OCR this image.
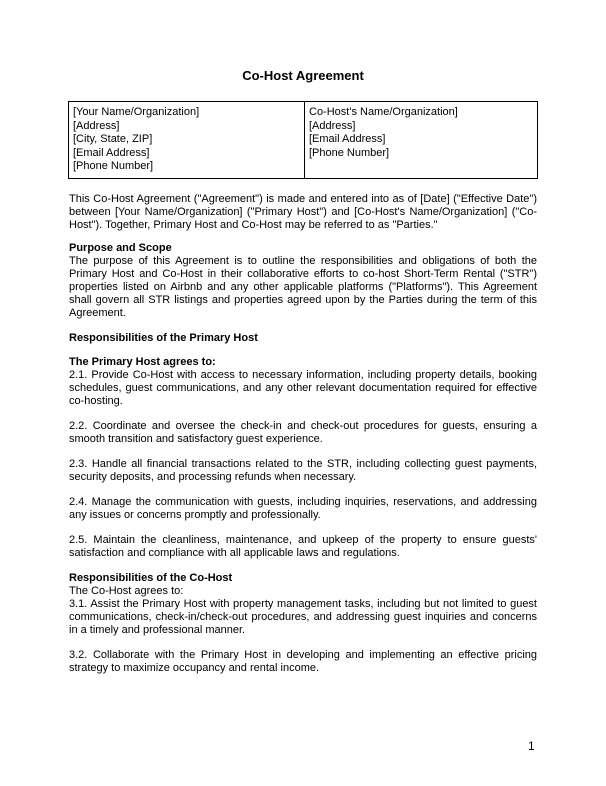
Co-Host Agreement
[Your Name/Organization]
[Address]
[City, State, ZIP]
[Email Address]
[Phone Number]
Co-Host's Name/Organization]
[Address]
[Email Address]
[Phone Number]
This Co-Host Agreement ("Agreement") is made and entered into as of [Date] ("Effective Date") between [Your Name/Organization] ("Primary Host") and [Co-Host's Name/Organization] ("Co-Host"). Together, Primary Host and Co-Host may be referred to as "Parties."
Purpose and Scope
The purpose of this Agreement is to outline the responsibilities and obligations of both the Primary Host and Co-Host in their collaborative efforts to co-host Short-Term Rental ("STR") properties listed on Airbnb and any other applicable platforms ("Platforms"). This Agreement shall govern all STR listings and properties agreed upon by the Parties during the term of this Agreement.
Responsibilities of the Primary Host
The Primary Host agrees to:
2.1. Provide Co-Host with access to necessary information, including property details, booking schedules, guest communications, and any other relevant documentation required for effective co-hosting.
2.2. Coordinate and oversee the check-in and check-out procedures for guests, ensuring a smooth transition and satisfactory guest experience.
2.3. Handle all financial transactions related to the STR, including collecting guest payments, security deposits, and processing refunds when necessary.
2.4. Manage the communication with guests, including inquiries, reservations, and addressing any issues or concerns promptly and professionally.
2.5. Maintain the cleanliness, maintenance, and upkeep of the property to ensure guests' satisfaction and compliance with all applicable laws and regulations.
Responsibilities of the Co-Host
The Co-Host agrees to:
3.1. Assist the Primary Host with property management tasks, including but not limited to guest communications, check-in/check-out procedures, and addressing guest inquiries and concerns in a timely and professional manner.
3.2. Collaborate with the Primary Host in developing and implementing an effective pricing strategy to maximize occupancy and rental income.
1
